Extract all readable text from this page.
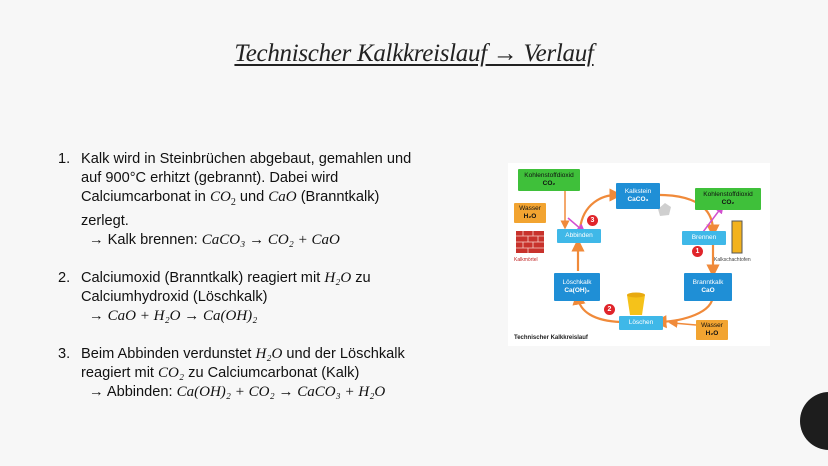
Technischer Kalkkreislauf → Verlauf
1. Kalk wird in Steinbrüchen abgebaut, gemahlen und
auf 900°C erhitzt (gebrannt). Dabei wird
Calciumcarbonat in $CO_2$ und CaO (Branntkalk)
zerlegt.
→ Kalk brennen: CaCO₃ → CO₂ + CaO
2. Calciumoxid (Branntkalk) reagiert mit H₂O zu
Calciumhydroxid (Löschkalk)
→ CaO + H₂O → Ca(OH)₂
3. Beim Abbinden verdunstet H₂O und der Löschkalk
reagiert mit CO₂ zu Calciumcarbonat (Kalk)
→ Abbinden: Ca(OH)₂ + CO₂ → CaCO₃ + H₂O
Kohlenstoffdioxid
CO₂
Wasser
H₂O
Kalkstein
CaCO₃
Kohlenstoffdioxid
CO₂
Abbinden	Brennen
Kalkmörtel	Kalkschachtofen
Löschkalk
Ca(OH)₂
Branntkalk
CaO
Löschen	Wasser
H₂O
3
1
2
Technischer Kalkkreislauf
